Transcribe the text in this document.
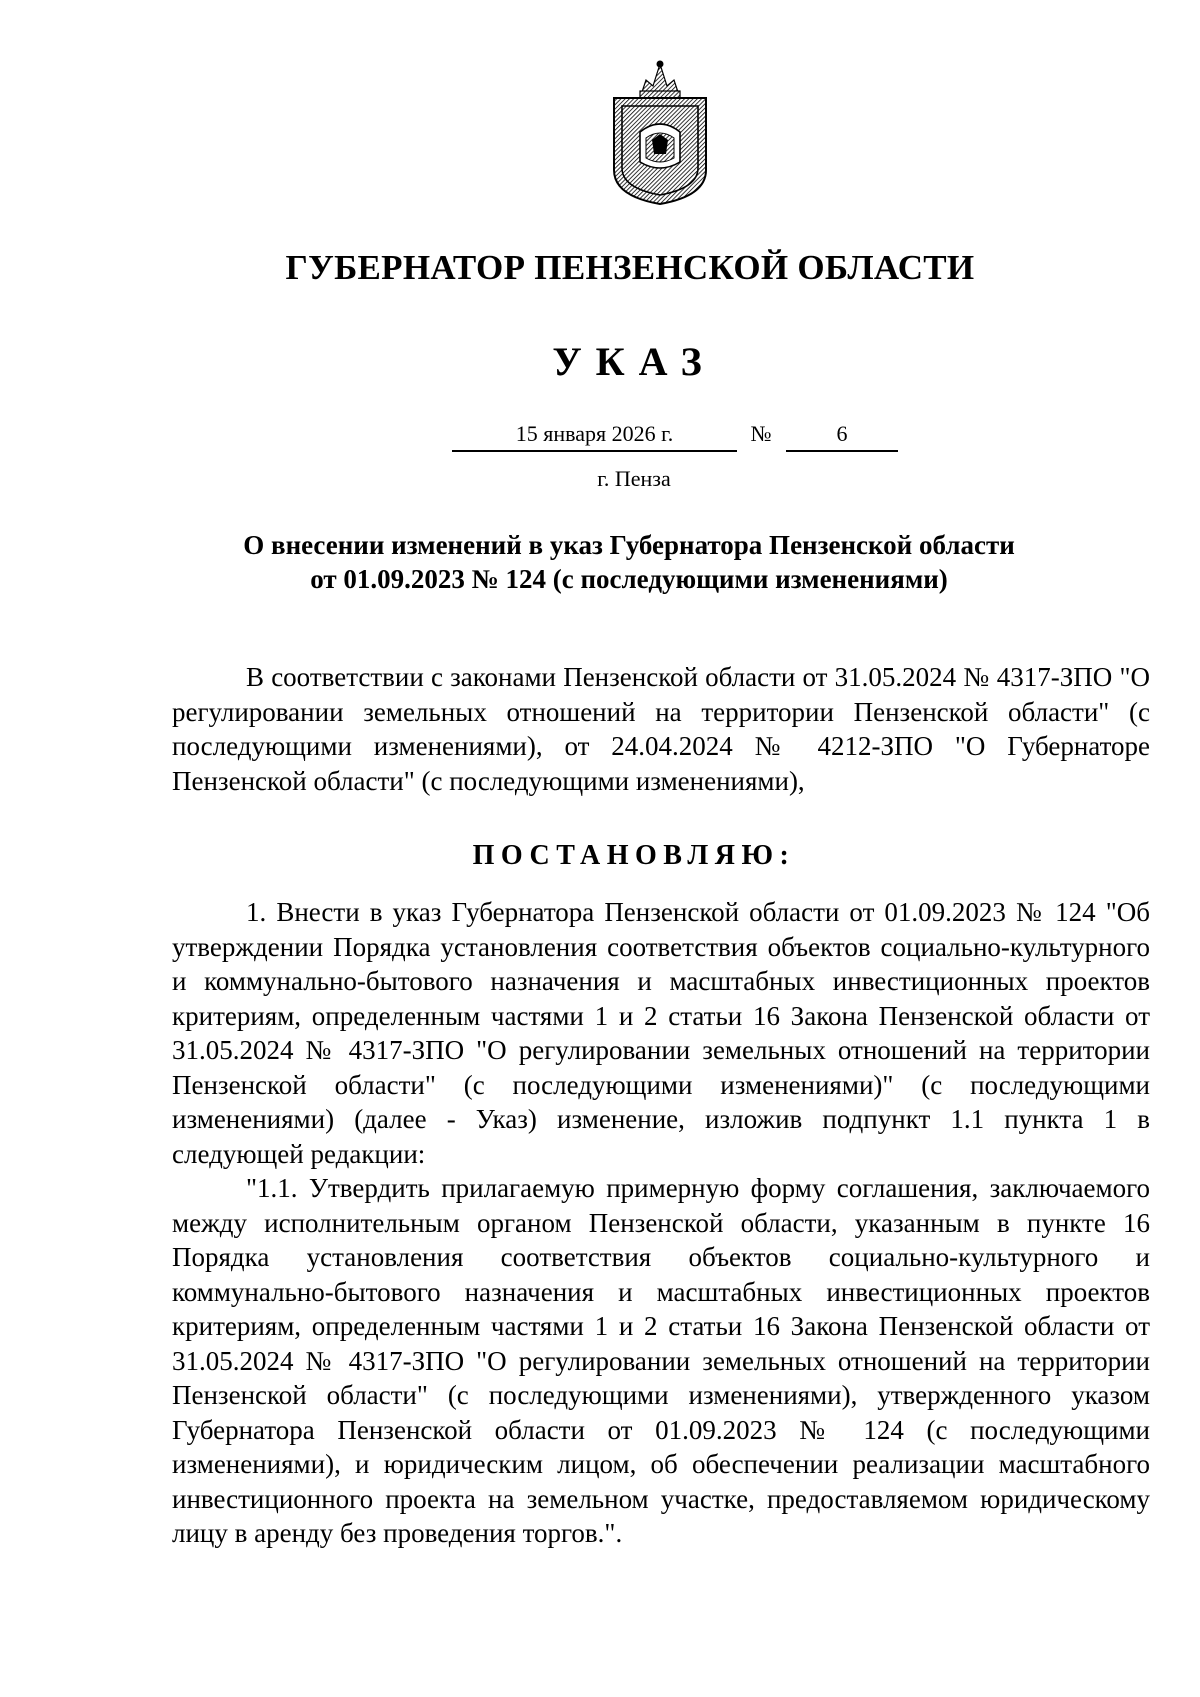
ГУБЕРНАТОР ПЕНЗЕНСКОЙ ОБЛАСТИ
УКАЗ
15 января 2026 г.	№	6
г. Пенза
О внесении изменений в указ Губернатора Пензенской области
от 01.09.2023 № 124 (с последующими изменениями)

В соответствии с законами Пензенской области от 31.05.2024 № 4317-ЗПО "О регулировании земельных отношений на территории Пензенской области" (с последующими изменениями), от 24.04.2024 № 4212-ЗПО "О Губернаторе Пензенской области" (с последующими изменениями),

ПОСТАНОВЛЯЮ:

1. Внести в указ Губернатора Пензенской области от 01.09.2023 № 124 "Об утверждении Порядка установления соответствия объектов социально-культурного и коммунально-бытового назначения и масштабных инвестиционных проектов критериям, определенным частями 1 и 2 статьи 16 Закона Пензенской области от 31.05.2024 № 4317-ЗПО "О регулировании земельных отношений на территории Пензенской области" (с последующими изменениями)" (с последующими изменениями) (далее - Указ) изменение, изложив подпункт 1.1 пункта 1 в следующей редакции:

"1.1. Утвердить прилагаемую примерную форму соглашения, заключаемого между исполнительным органом Пензенской области, указанным в пункте 16 Порядка установления соответствия объектов социально-культурного и коммунально-бытового назначения и масштабных инвестиционных проектов критериям, определенным частями 1 и 2 статьи 16 Закона Пензенской области от 31.05.2024 № 4317-ЗПО "О регулировании земельных отношений на территории Пензенской области" (с последующими изменениями), утвержденного указом Губернатора Пензенской области от 01.09.2023 № 124 (с последующими изменениями), и юридическим лицом, об обеспечении реализации масштабного инвестиционного проекта на земельном участке, предоставляемом юридическому лицу в аренду без проведения торгов.".
